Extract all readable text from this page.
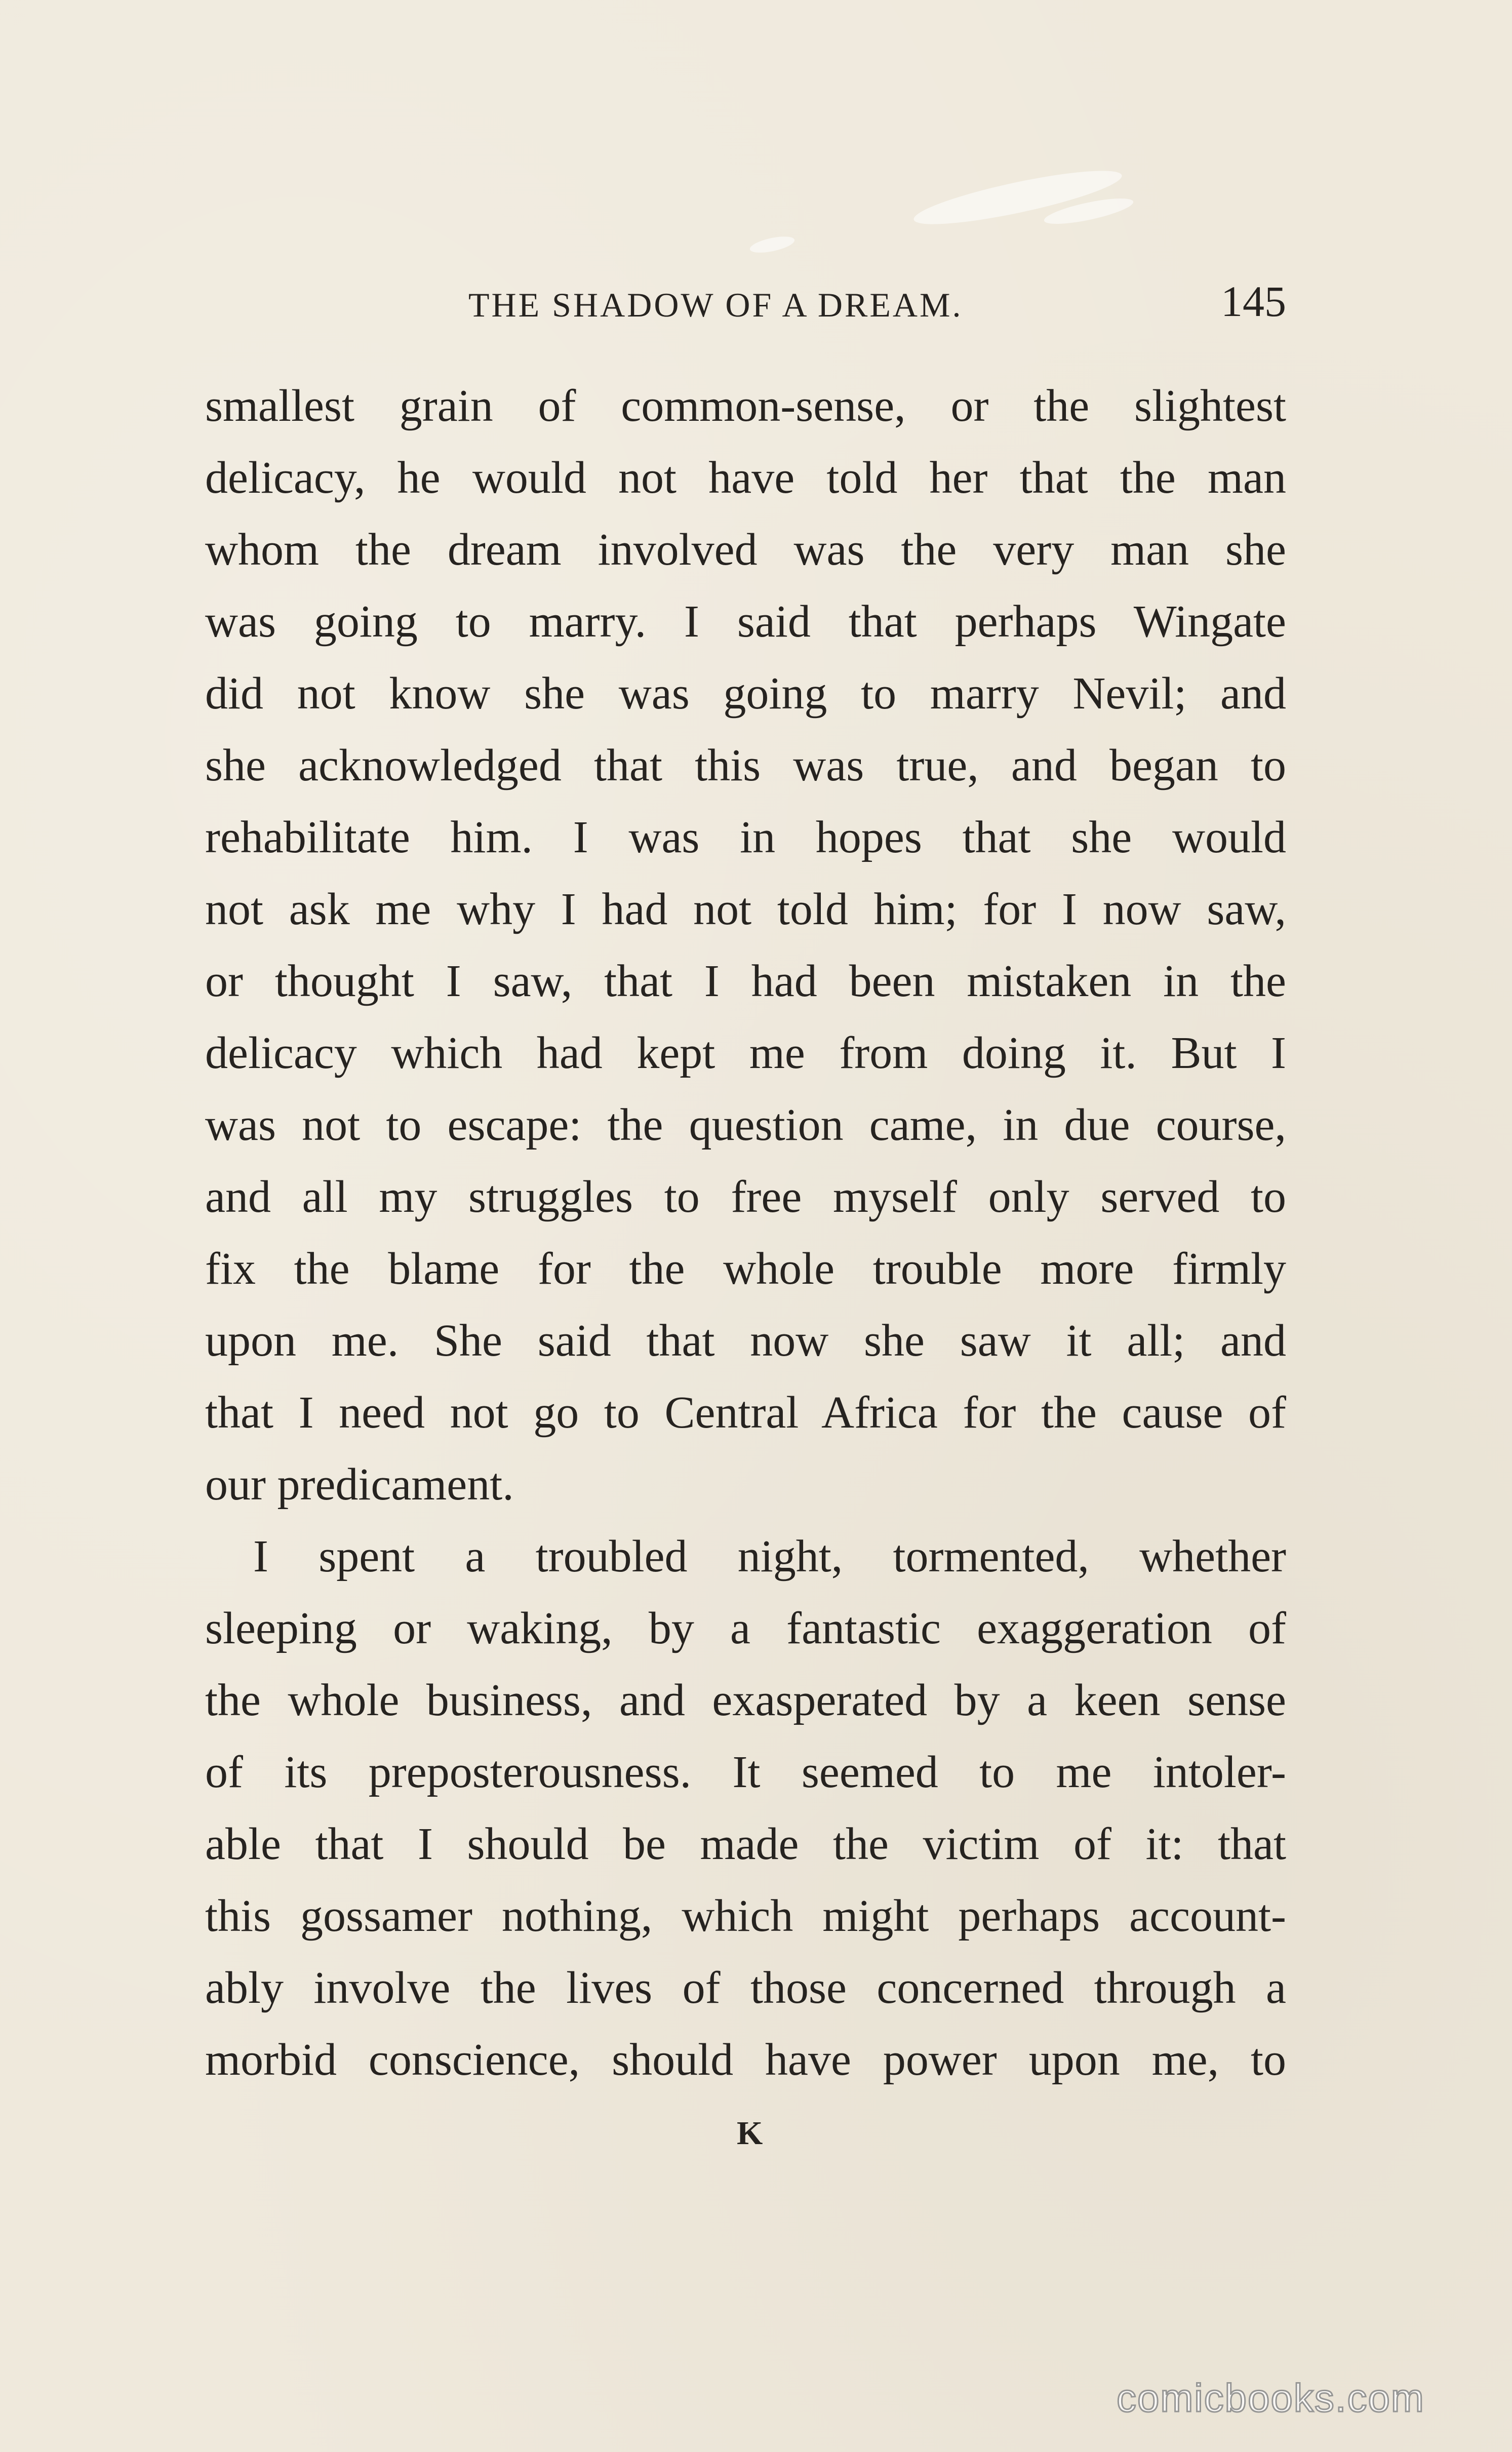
THE SHADOW OF A DREAM.	145
smallest grain of common-sense, or the slightest
delicacy, he would not have told her that the man
whom the dream involved was the very man she
was going to marry. I said that perhaps Wingate
did not know she was going to marry Nevil; and
she acknowledged that this was true, and began to
rehabilitate him. I was in hopes that she would
not ask me why I had not told him; for I now saw,
or thought I saw, that I had been mistaken in the
delicacy which had kept me from doing it. But I
was not to escape: the question came, in due course,
and all my struggles to free myself only served to
fix the blame for the whole trouble more firmly
upon me. She said that now she saw it all; and
that I need not go to Central Africa for the cause of
our predicament.
I spent a troubled night, tormented, whether
sleeping or waking, by a fantastic exaggeration of
the whole business, and exasperated by a keen sense
of its preposterousness. It seemed to me intoler-
able that I should be made the victim of it: that
this gossamer nothing, which might perhaps account-
ably involve the lives of those concerned through a
morbid conscience, should have power upon me, to
K
comicbooks.com
